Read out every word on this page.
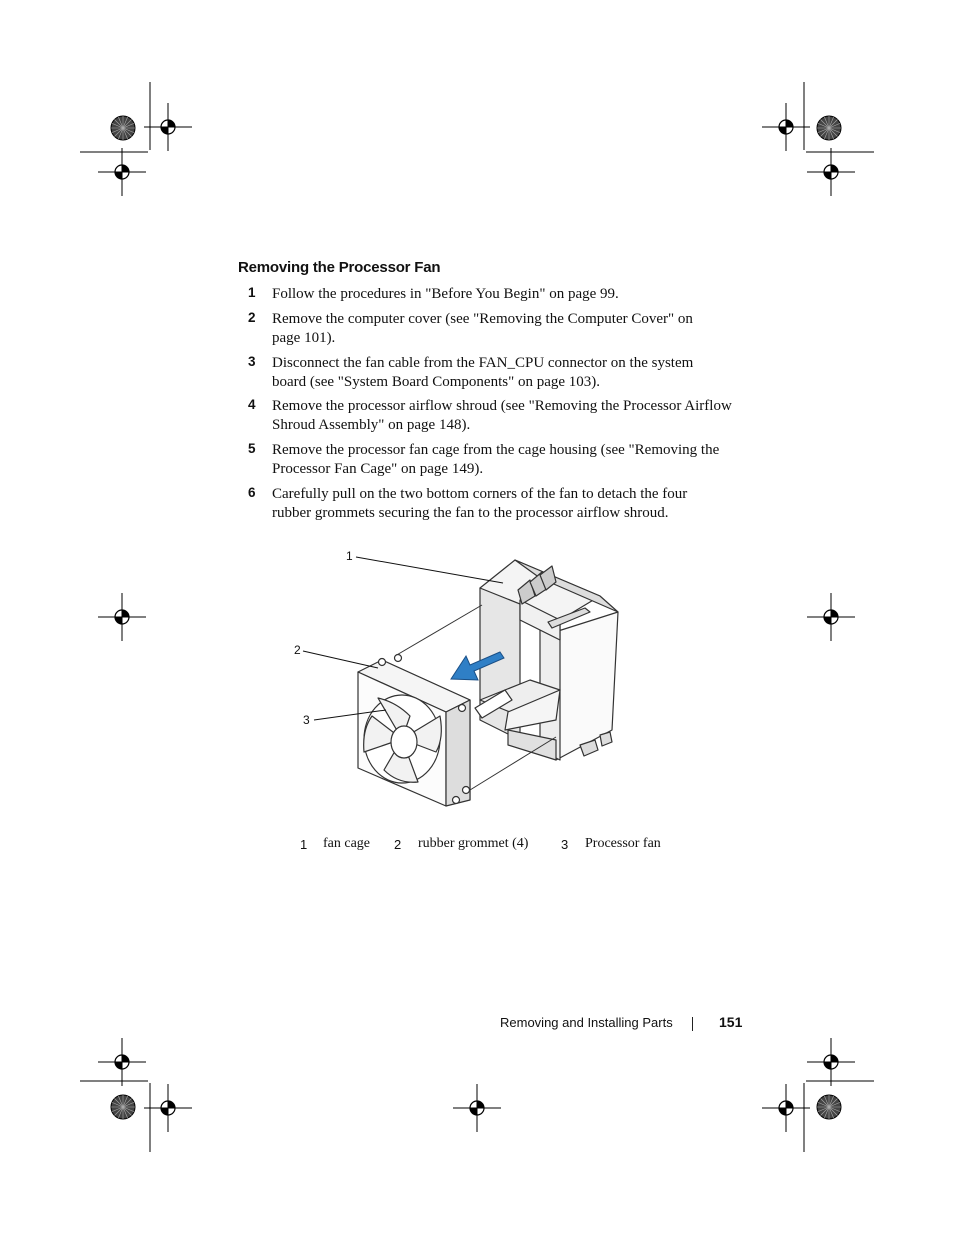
Removing the Processor Fan
1 Follow the procedures in "Before You Begin" on page 99.
2 Remove the computer cover (see "Removing the Computer Cover" on
page 101).
3 Disconnect the fan cable from the FAN_CPU connector on the system
board (see "System Board Components" on page 103).
4 Remove the processor airflow shroud (see "Removing the Processor Airflow
Shroud Assembly" on page 148).
5 Remove the processor fan cage from the cage housing (see "Removing the
Processor Fan Cage" on page 149).
6 Carefully pull on the two bottom corners of the fan to detach the four
rubber grommets securing the fan to the processor airflow shroud.
1
2
3
1 fan cage 2 rubber grommet (4)	3 Processor fan
Removing and Installing Parts	151
